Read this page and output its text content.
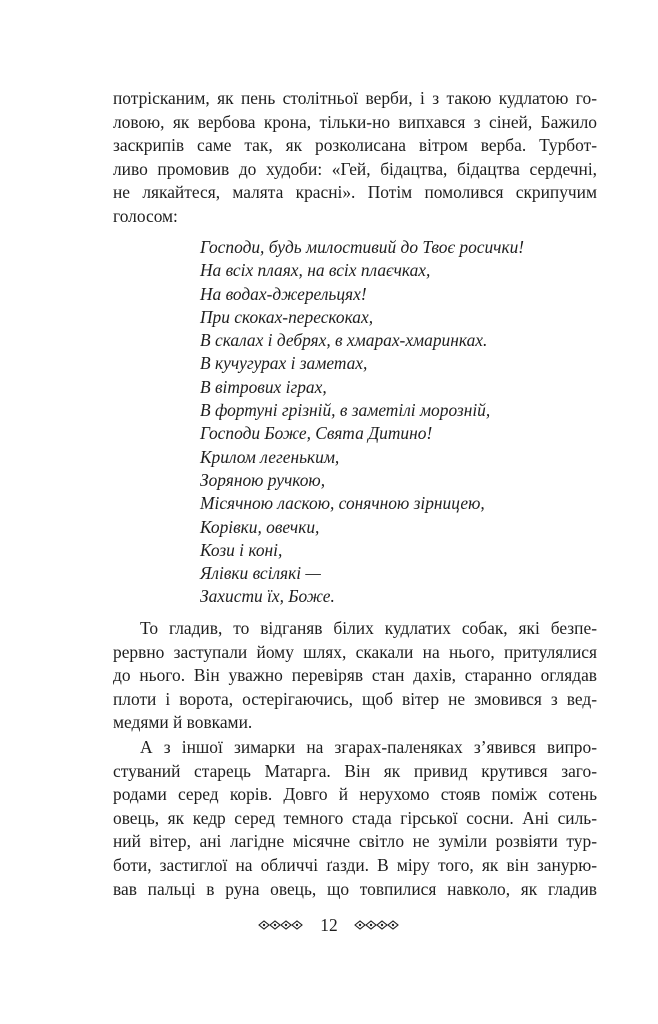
потрісканим, як пень столітньої верби, і з такою кудлатою го-
ловою, як вербова крона, тільки-но випхався з сіней, Бажило
заскрипів саме так, як розколисана вітром верба. Турбот-
ливо промовив до худоби: «Гей, бідацтва, бідацтва сердечні,
не лякайтеся, малята красні». Потім помолився скрипучим
голосом:
Господи, будь милостивий до Твоє росички!
На всіх плаях, на всіх плаєчках,
На водах-джерельцях!
При скоках-перескоках,
В скалах і дебрях, в хмарах-хмаринках.
В кучугурах і заметах,
В вітрових іграх,
В фортуні грізній, в заметілі морозній,
Господи Боже, Свята Дитино!
Крилом легеньким,
Зоряною ручкою,
Місячною ласкою, сонячною зірницею,
Корівки, овечки,
Кози і коні,
Ялівки всілякі —
Захисти їх, Боже.
То гладив, то відганяв білих кудлатих собак, які безпе-
рервно заступали йому шлях, скакали на нього, притулялися
до нього. Він уважно перевіряв стан дахів, старанно оглядав
плоти і ворота, остерігаючись, щоб вітер не змовився з вед-
медями й вовками.
А з іншої зимарки на згарах-паленяках з’явився випро-
стуваний старець Матарга. Він як привид крутився заго-
родами серед корів. Довго й нерухомо стояв поміж сотень
овець, як кедр серед темного стада гірської сосни. Ані силь-
ний вітер, ані лагідне місячне світло не зуміли розвіяти тур-
боти, застиглої на обличчі ґазди. В міру того, як він занурю-
вав пальці в руна овець, що товпилися навколо, як гладив
12
